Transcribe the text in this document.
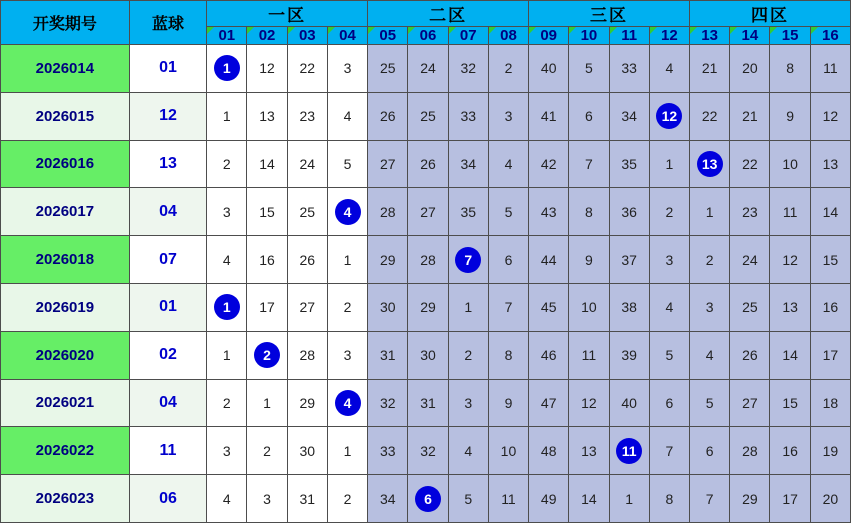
开奖期号	蓝球	一区				二区				三区				四区			
		01	02	03	04	05	06	07	08	09	10	11	12	13	14	15	16
2026014	01	1	12	22	3	25	24	32	2	40	5	33	4	21	20	8	11
2026015	12	1	13	23	4	26	25	33	3	41	6	34	12	22	21	9	12
2026016	13	2	14	24	5	27	26	34	4	42	7	35	1	13	22	10	13
2026017	04	3	15	25	4	28	27	35	5	43	8	36	2	1	23	11	14
2026018	07	4	16	26	1	29	28	7	6	44	9	37	3	2	24	12	15
2026019	01	1	17	27	2	30	29	1	7	45	10	38	4	3	25	13	16
2026020	02	1	2	28	3	31	30	2	8	46	11	39	5	4	26	14	17
2026021	04	2	1	29	4	32	31	3	9	47	12	40	6	5	27	15	18
2026022	11	3	2	30	1	33	32	4	10	48	13	11	7	6	28	16	19
2026023	06	4	3	31	2	34	6	5	11	49	14	1	8	7	29	17	20
